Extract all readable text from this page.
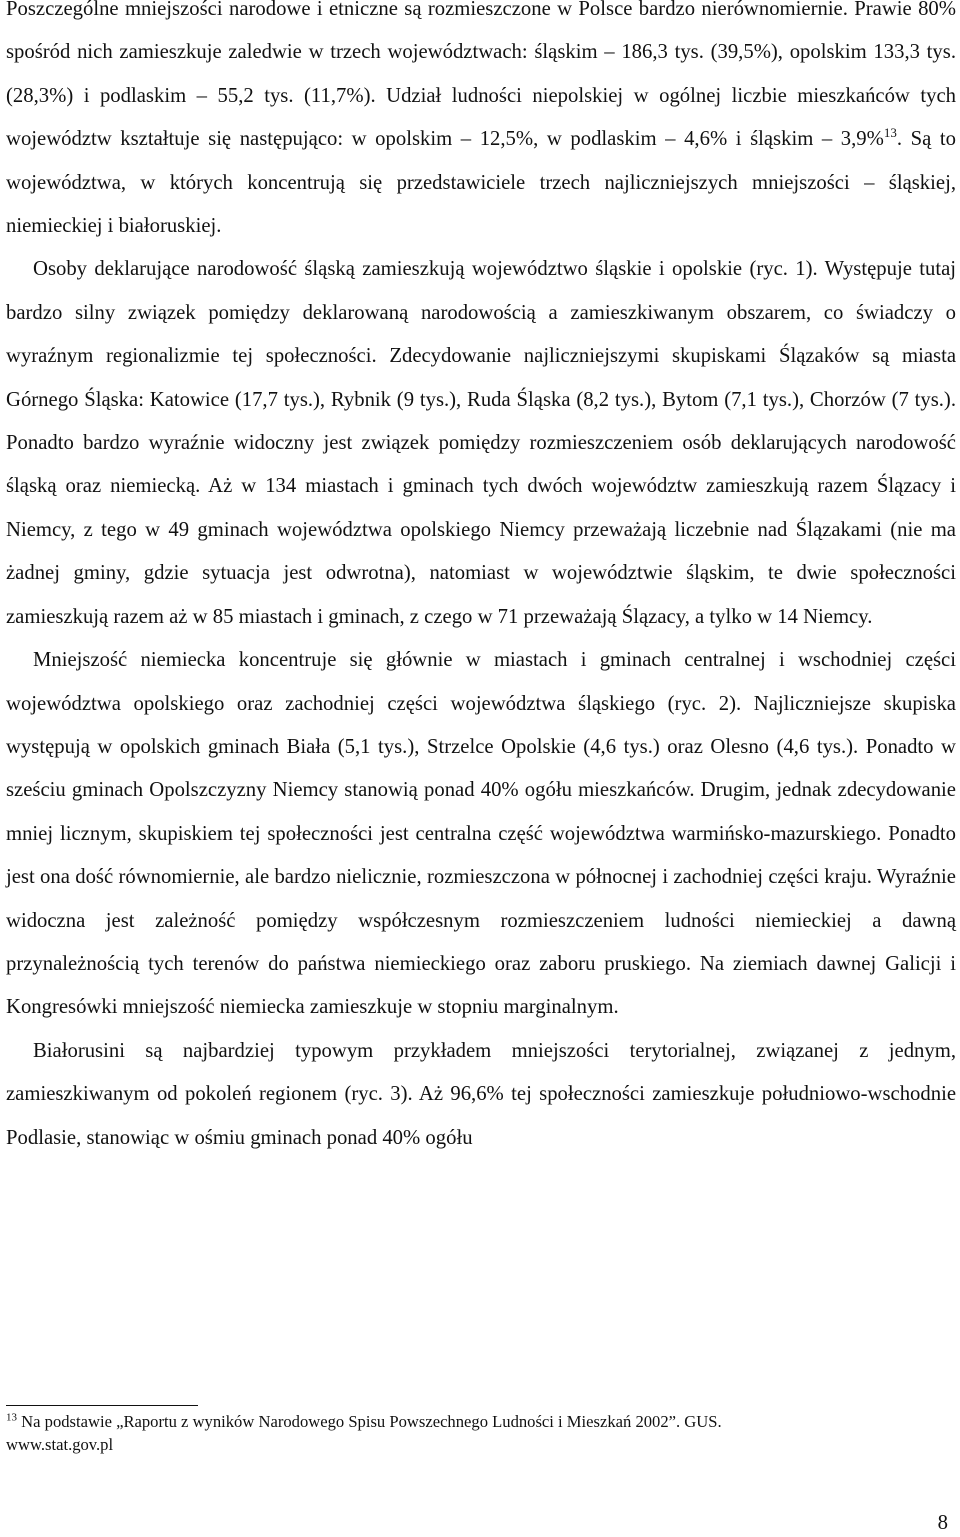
Poszczególne mniejszości narodowe i etniczne są rozmieszczone w Polsce bardzo nierównomiernie. Prawie 80% spośród nich zamieszkuje zaledwie w trzech województwach: śląskim – 186,3 tys. (39,5%), opolskim 133,3 tys. (28,3%) i podlaskim – 55,2 tys. (11,7%). Udział ludności niepolskiej w ogólnej liczbie mieszkańców tych województw kształtuje się następująco: w opolskim – 12,5%, w podlaskim – 4,6% i śląskim – 3,9%$^{13}$. Są to województwa, w których koncentrują się przedstawiciele trzech najliczniejszych mniejszości – śląskiej, niemieckiej i białoruskiej.

Osoby deklarujące narodowość śląską zamieszkują województwo śląskie i opolskie (ryc. 1). Występuje tutaj bardzo silny związek pomiędzy deklarowaną narodowością a zamieszkiwanym obszarem, co świadczy o wyraźnym regionalizmie tej społeczności. Zdecydowanie najliczniejszymi skupiskami Ślązaków są miasta Górnego Śląska: Katowice (17,7 tys.), Rybnik (9 tys.), Ruda Śląska (8,2 tys.), Bytom (7,1 tys.), Chorzów (7 tys.). Ponadto bardzo wyraźnie widoczny jest związek pomiędzy rozmieszczeniem osób deklarujących narodowość śląską oraz niemiecką. Aż w 134 miastach i gminach tych dwóch województw zamieszkują razem Ślązacy i Niemcy, z tego w 49 gminach województwa opolskiego Niemcy przeważają liczebnie nad Ślązakami (nie ma żadnej gminy, gdzie sytuacja jest odwrotna), natomiast w województwie śląskim, te dwie społeczności zamieszkują razem aż w 85 miastach i gminach, z czego w 71 przeważają Ślązacy, a tylko w 14 Niemcy.

Mniejszość niemiecka koncentruje się głównie w miastach i gminach centralnej i wschodniej części województwa opolskiego oraz zachodniej części województwa śląskiego (ryc. 2). Najliczniejsze skupiska występują w opolskich gminach Biała (5,1 tys.), Strzelce Opolskie (4,6 tys.) oraz Olesno (4,6 tys.). Ponadto w sześciu gminach Opolszczyzny Niemcy stanowią ponad 40% ogółu mieszkańców. Drugim, jednak zdecydowanie mniej licznym, skupiskiem tej społeczności jest centralna część województwa warmińsko-mazurskiego. Ponadto jest ona dość równomiernie, ale bardzo nielicznie, rozmieszczona w północnej i zachodniej części kraju. Wyraźnie widoczna jest zależność pomiędzy współczesnym rozmieszczeniem ludności niemieckiej a dawną przynależnością tych terenów do państwa niemieckiego oraz zaboru pruskiego. Na ziemiach dawnej Galicji i Kongresówki mniejszość niemiecka zamieszkuje w stopniu marginalnym.

Białorusini są najbardziej typowym przykładem mniejszości terytorialnej, związanej z jednym, zamieszkiwanym od pokoleń regionem (ryc. 3). Aż 96,6% tej społeczności zamieszkuje południowo-wschodnie Podlasie, stanowiąc w ośmiu gminach ponad 40% ogółu

$^{13}$ Na podstawie „Raportu z wyników Narodowego Spisu Powszechnego Ludności i Mieszkań 2002”. GUS.
www.stat.gov.pl

8
